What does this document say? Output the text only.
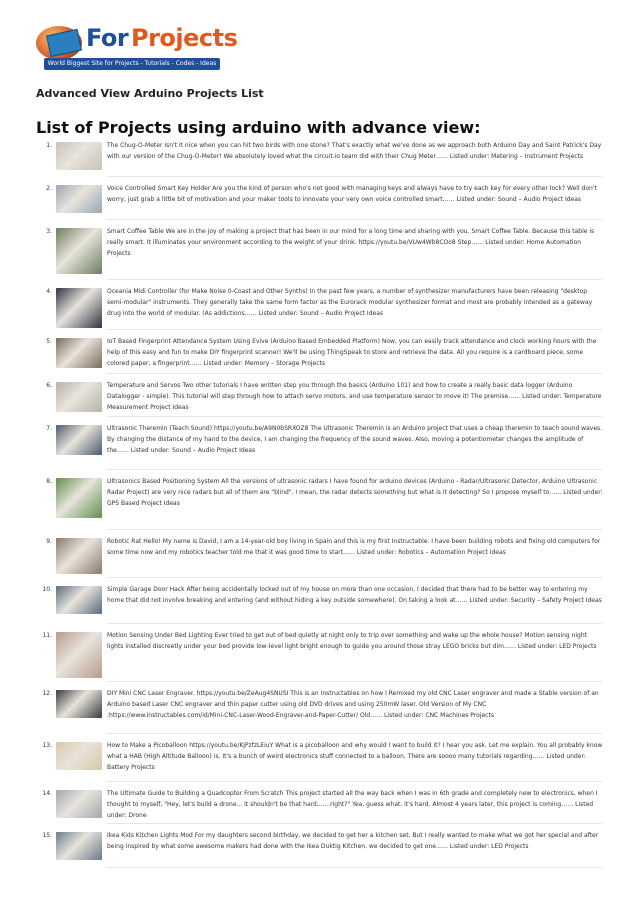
For Projects
World Biggest Site for Projects - Tutorials - Codes - Ideas
Advanced View Arduino Projects List
List of Projects using arduino with advance view:
1.	The Chug-O-Meter Isn't it nice when you can hit two birds with one stone? That's exactly what we've done as we approach both Arduino Day and Saint Patrick's Day with our version of the Chug-O-Meter! We absolutely loved what the circuit.io team did with their Chug Meter…… Listed under: Metering – Instrument Projects
2.	Voice Controlled Smart Key Holder Are you the kind of person who's not good with managing keys and always have to try each key for every other lock? Well don't worry, just grab a little bit of motivation and your maker tools to innovate your very own voice controlled smart…… Listed under: Sound – Audio Project Ideas
3.	Smart Coffee Table We are in the joy of making a project that has been in our mind for a long time and sharing with you. Smart Coffee Table. Because this table is really smart. It illuminates your environment according to the weight of your drink. https://youtu.be/VUw4Wb8COo8 Step…… Listed under: Home Automation Projects
4.	Oceania Midi Controller (for Make Noise 0-Coast and Other Synths) In the past few years, a number of synthesizer manufacturers have been releasing "desktop semi-modular" instruments. They generally take the same form factor as the Eurorack modular synthesizer format and most are probably intended as a gateway drug into the world of modular. (As addictions…… Listed under: Sound – Audio Project Ideas
5.	IoT Based Fingerprint Attendance System Using Evive (Arduino Based Embedded Platform) Now, you can easily track attendance and clock working hours with the help of this easy and fun to make DIY fingerprint scanner! We'll be using ThingSpeak to store and retrieve the data. All you require is a cardboard piece, some colored paper, a fingerprint…… Listed under: Memory – Storage Projects
6.	Temperature and Servos Two other tutorials I have written step you through the basics (Arduino 101) and how to create a really basic data logger (Arduino Datalogger - simple). This tutorial will step through how to attach servo motors, and use temperature sensor to move it! The premise…… Listed under: Temperature Measurement Project Ideas
7.	Ultrasonic Theremin (Teach Sound) https://youtu.be/A9N0bSRXOZ8 The Ultrasonic Theremin is an Arduino project that uses a cheap theremin to teach sound waves. By changing the distance of my hand to the device, I am changing the frequency of the sound waves. Also, moving a potentiometer changes the amplitude of the…… Listed under: Sound – Audio Project Ideas
8.	Ultrasonics Based Positioning System All the versions of ultrasonic radars I have found for arduino devices (Arduino - Radar/Ultrasonic Detector, Arduino Ultrasonic Radar Project) are very nice radars but all of them are "blind". I mean, the radar detects something but what is it detecting? So I propose myself to…… Listed under: GPS Based Project Ideas
9.	Robotic Rat Hello! My name is David, I am a 14-year-old boy living in Spain and this is my first Instructable. I have been building robots and fixing old computers for some time now and my robotics teacher told me that it was good time to start…… Listed under: Robotics – Automation Project Ideas
10.	Simple Garage Door Hack After being accidentally locked out of my house on more than one occasion, I decided that there had to be better way to entering my home that did not involve breaking and entering (and without hiding a key outside somewhere). On taking a look at…… Listed under: Security – Safety Project Ideas
11.	Motion Sensing Under Bed Lighting Ever tried to get out of bed quietly at night only to trip over something and wake up the whole house? Motion sensing night lights installed discreetly under your bed provide low-level light bright enough to guide you around those stray LEGO bricks but dim…… Listed under: LED Projects
12.	DIY Mini CNC Laser Engraver. https://youtu.be/ZeAug4SNUSI This is an Instructables on how I Remixed my old CNC Laser engraver and made a Stable version of an Arduino based Laser CNC engraver and thin paper cutter using old DVD drives and using 250mW laser. Old Version of My CNC :https://www.instructables.com/id/Mini-CNC-Laser-Wood-Engraver-and-Paper-Cutter/ Old…… Listed under: CNC Machines Projects
13.	How to Make a Picoballoon https://youtu.be/KjPzfzLEiuY What is a picoballoon and why would I want to build it? I hear you ask. Let me explain. You all probably know what a HAB (High Altitude Balloon) is. It's a bunch of weird electronics stuff connected to a balloon. There are soooo many tutorials regarding…… Listed under: Battery Projects
14.	The Ultimate Guide to Building a Quadcopter From Scratch This project started all the way back when I was in 6th grade and completely new to electronics, when I thought to myself, "Hey, let's build a drone... it shouldn't be that hard.......right?" Yea, guess what, it's hard. Almost 4 years later, this project is coming…… Listed under: Drone
15.	Ikea Kids Kitchen Lights Mod For my daughters second birthday, we decided to get her a kitchen set. But I really wanted to make what we got her special and after being inspired by what some awesome makers had done with the Ikea Duktig Kitchen, we decided to get one…… Listed under: LED Projects
